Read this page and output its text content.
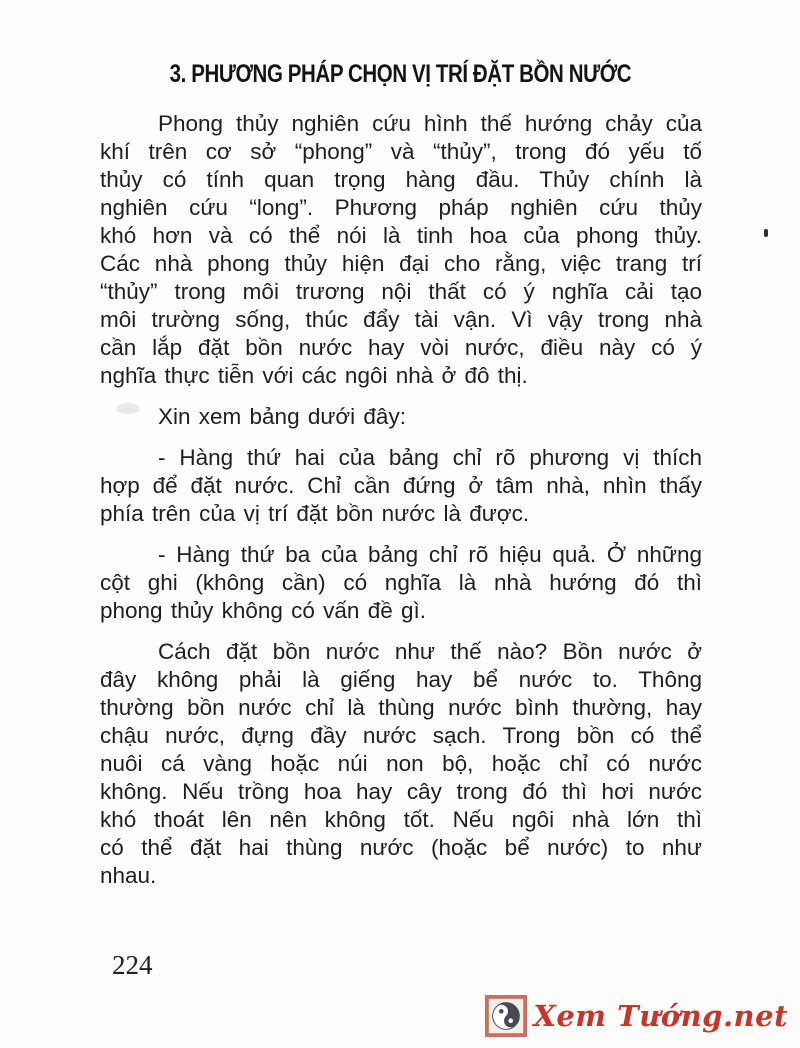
3. PHƯƠNG PHÁP CHỌN VỊ TRÍ ĐẶT BỒN NƯỚC
Phong thủy nghiên cứu hình thế hướng chảy của
khí trên cơ sở “phong” và “thủy”, trong đó yếu tố
thủy có tính quan trọng hàng đầu. Thủy chính là
nghiên cứu “long”. Phương pháp nghiên cứu thủy
khó hơn và có thể nói là tinh hoa của phong thủy.
Các nhà phong thủy hiện đại cho rằng, việc trang trí
“thủy” trong môi trương nội thất có ý nghĩa cải tạo
môi trường sống, thúc đẩy tài vận. Vì vậy trong nhà
cần lắp đặt bồn nước hay vòi nước, điều này có ý
nghĩa thực tiễn với các ngôi nhà ở đô thị.
Xin xem bảng dưới đây:
- Hàng thứ hai của bảng chỉ rõ phương vị thích
hợp để đặt nước. Chỉ cần đứng ở tâm nhà, nhìn thấy
phía trên của vị trí đặt bồn nước là được.
- Hàng thứ ba của bảng chỉ rõ hiệu quả. Ở những
cột ghi (không cần) có nghĩa là nhà hướng đó thì
phong thủy không có vấn đề gì.
Cách đặt bồn nước như thế nào? Bồn nước ở
đây không phải là giếng hay bể nước to. Thông
thường bồn nước chỉ là thùng nước bình thường, hay
chậu nước, đựng đầy nước sạch. Trong bồn có thể
nuôi cá vàng hoặc núi non bộ, hoặc chỉ có nước
không. Nếu trồng hoa hay cây trong đó thì hơi nước
khó thoát lên nên không tốt. Nếu ngôi nhà lớn thì
có thể đặt hai thùng nước (hoặc bể nước) to như
nhau.
224
Xem Tướng.net
